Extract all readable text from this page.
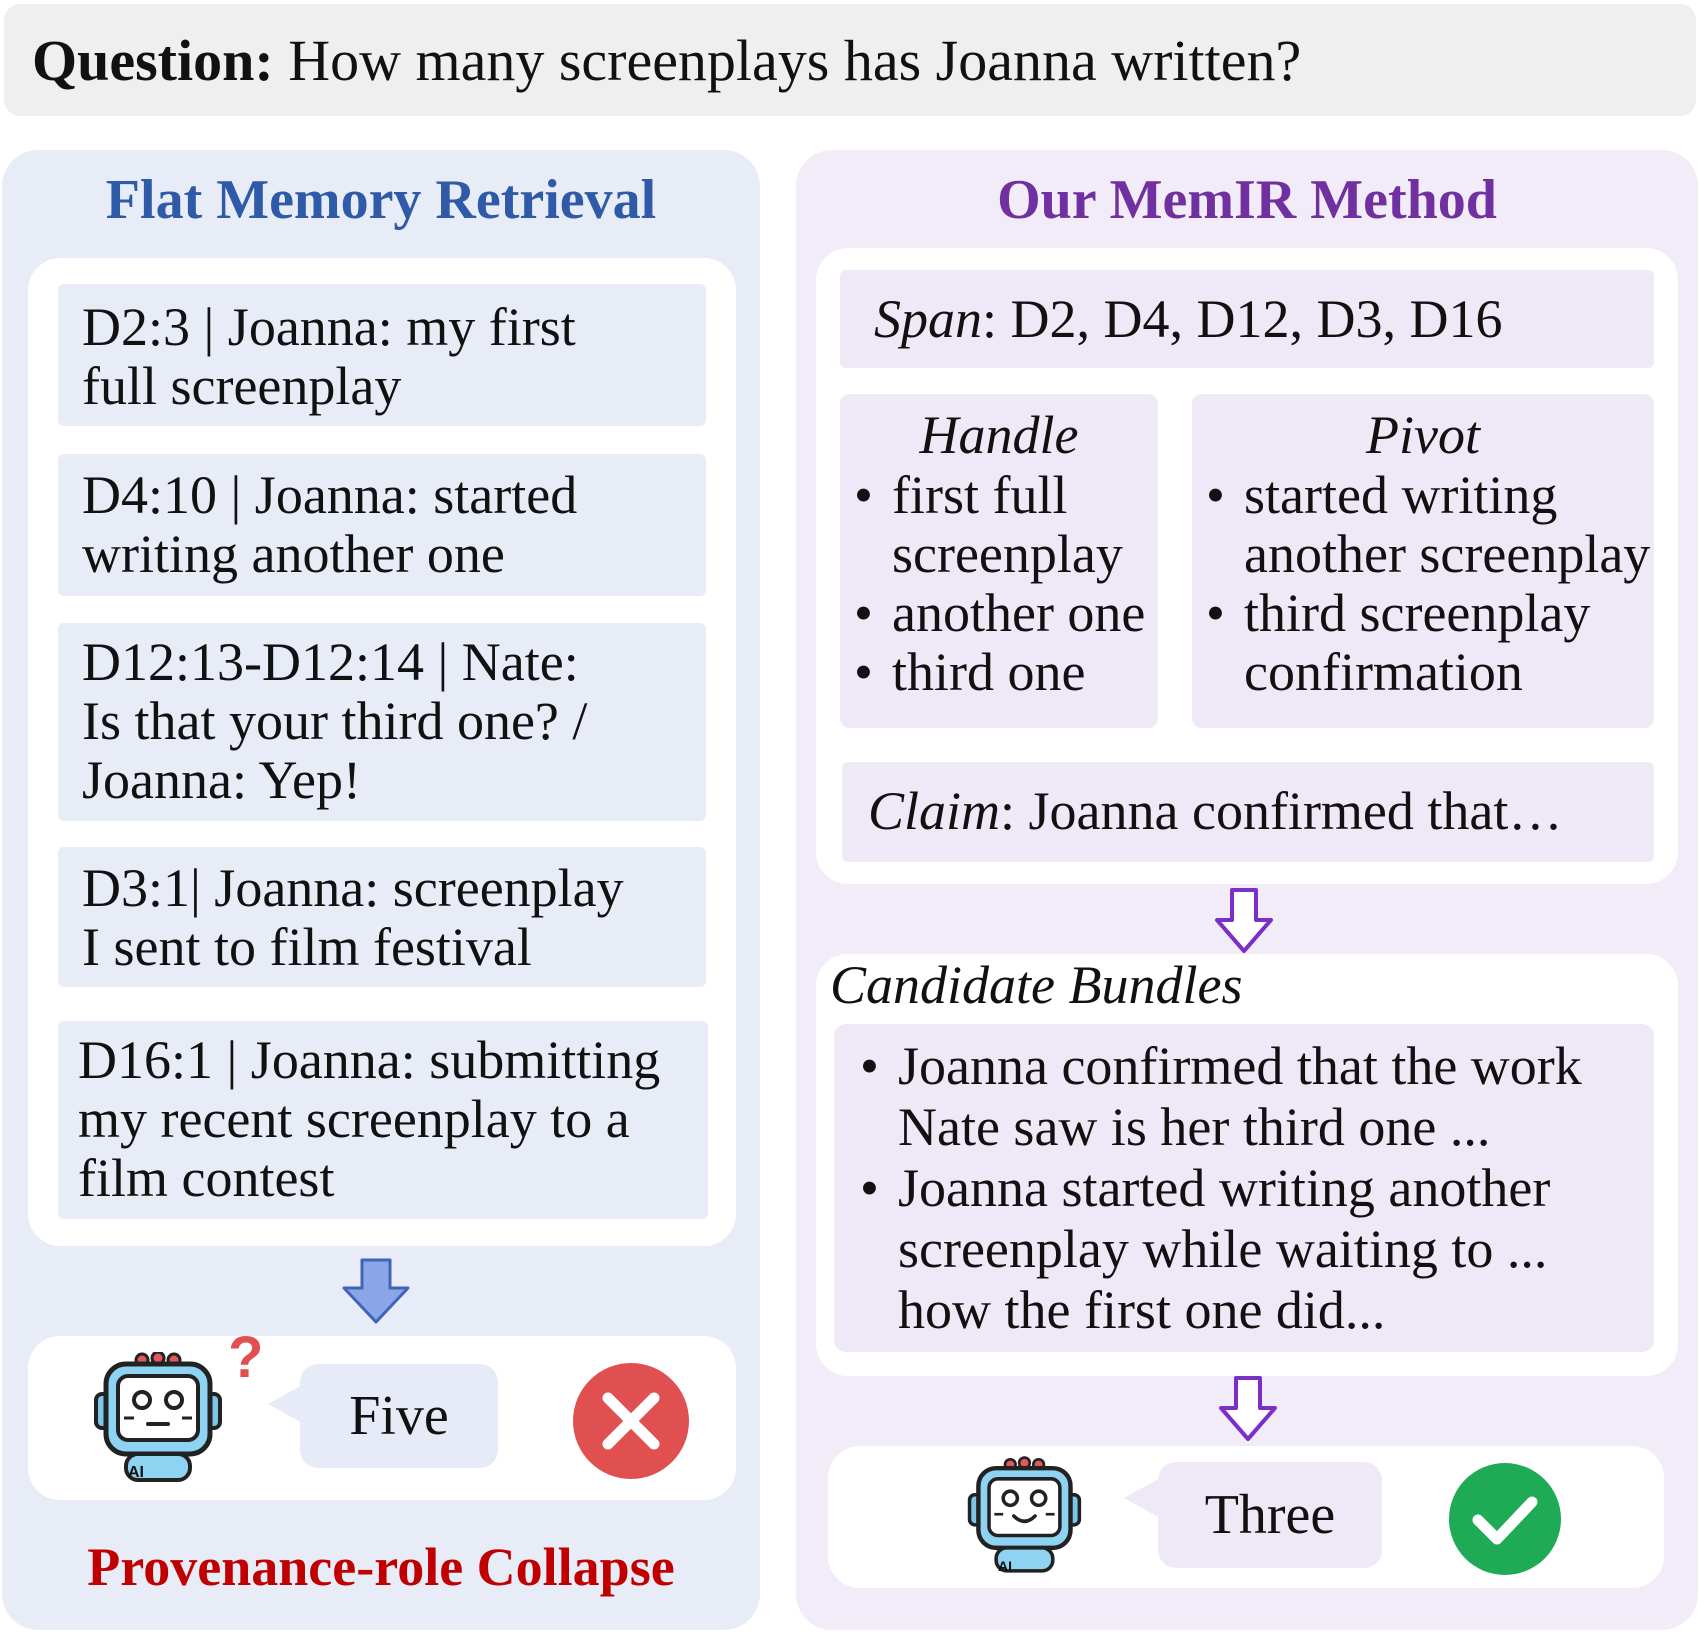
Question: How many screenplays has Joanna written?
Flat Memory Retrieval
D2:3 | Joanna: my first
full screenplay
D4:10 | Joanna: started
writing another one
D12:13-D12:14 | Nate:
Is that your third one? /
Joanna: Yep!
D3:1| Joanna: screenplay
I sent to film festival
D16:1 | Joanna: submitting
my recent screenplay to a
film contest
AI
?
Five
Provenance-role Collapse
Our MemIR Method
Span: D2, D4, D12, D3, D16
Handle
• first full
screenplay
• another one
• third one
Pivot
• started writing
another screenplay
• third screenplay
confirmation
Claim: Joanna confirmed that…
Candidate Bundles
• Joanna confirmed that the work
Nate saw is her third one ...
• Joanna started writing another
screenplay while waiting to ...
how the first one did...
AI
Three
